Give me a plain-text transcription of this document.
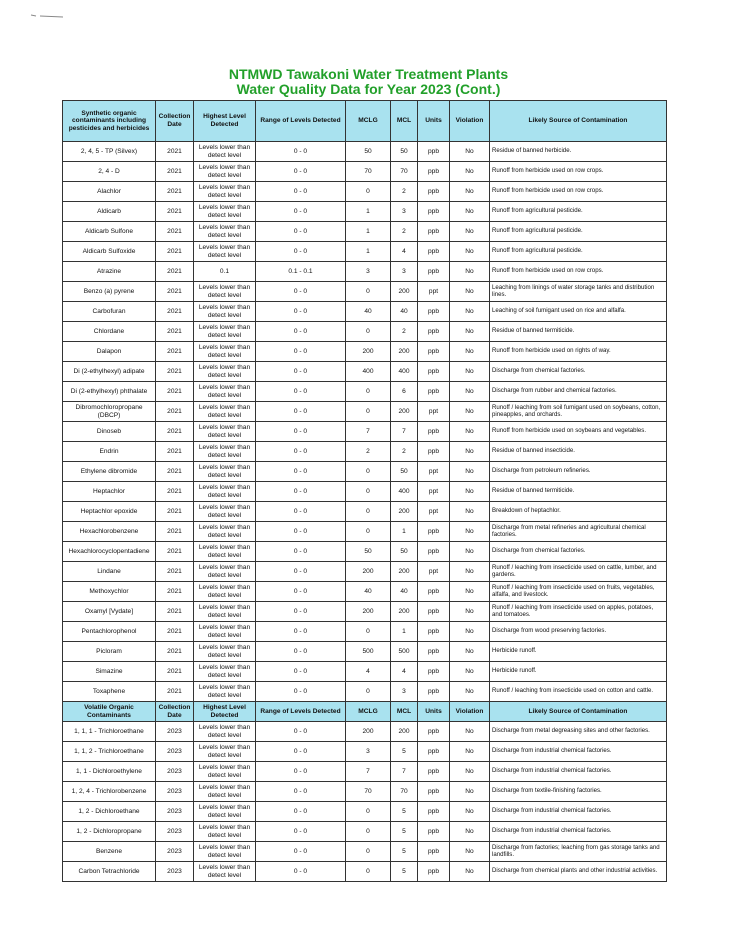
NTMWD Tawakoni Water Treatment Plants
Water Quality Data for Year 2023 (Cont.)
Synthetic organic contaminants including pesticides and herbicides	Collection Date	Highest Level Detected	Range of Levels Detected	MCLG	MCL	Units	Violation	Likely Source of Contamination
2, 4, 5 - TP (Silvex)	2021	Levels lower than detect level	0 - 0	50	50	ppb	No	Residue of banned herbicide.
2, 4 - D	2021	Levels lower than detect level	0 - 0	70	70	ppb	No	Runoff from herbicide used on row crops.
Alachlor	2021	Levels lower than detect level	0 - 0	0	2	ppb	No	Runoff from herbicide used on row crops.
Aldicarb	2021	Levels lower than detect level	0 - 0	1	3	ppb	No	Runoff from agricultural pesticide.
Aldicarb Sulfone	2021	Levels lower than detect level	0 - 0	1	2	ppb	No	Runoff from agricultural pesticide.
Aldicarb Sulfoxide	2021	Levels lower than detect level	0 - 0	1	4	ppb	No	Runoff from agricultural pesticide.
Atrazine	2021	0.1	0.1 - 0.1	3	3	ppb	No	Runoff from herbicide used on row crops.
Benzo (a) pyrene	2021	Levels lower than detect level	0 - 0	0	200	ppt	No	Leaching from linings of water storage tanks and distribution lines.
Carbofuran	2021	Levels lower than detect level	0 - 0	40	40	ppb	No	Leaching of soil fumigant used on rice and alfalfa.
Chlordane	2021	Levels lower than detect level	0 - 0	0	2	ppb	No	Residue of banned termiticide.
Dalapon	2021	Levels lower than detect level	0 - 0	200	200	ppb	No	Runoff from herbicide used on rights of way.
Di (2-ethylhexyl) adipate	2021	Levels lower than detect level	0 - 0	400	400	ppb	No	Discharge from chemical factories.
Di (2-ethylhexyl) phthalate	2021	Levels lower than detect level	0 - 0	0	6	ppb	No	Discharge from rubber and chemical factories.
Dibromochloropropane (DBCP)	2021	Levels lower than detect level	0 - 0	0	200	ppt	No	Runoff / leaching from soil fumigant used on soybeans, cotton, pineapples, and orchards.
Dinoseb	2021	Levels lower than detect level	0 - 0	7	7	ppb	No	Runoff from herbicide used on soybeans and vegetables.
Endrin	2021	Levels lower than detect level	0 - 0	2	2	ppb	No	Residue of banned insecticide.
Ethylene dibromide	2021	Levels lower than detect level	0 - 0	0	50	ppt	No	Discharge from petroleum refineries.
Heptachlor	2021	Levels lower than detect level	0 - 0	0	400	ppt	No	Residue of banned termiticide.
Heptachlor epoxide	2021	Levels lower than detect level	0 - 0	0	200	ppt	No	Breakdown of heptachlor.
Hexachlorobenzene	2021	Levels lower than detect level	0 - 0	0	1	ppb	No	Discharge from metal refineries and agricultural chemical factories.
Hexachlorocyclopentadiene	2021	Levels lower than detect level	0 - 0	50	50	ppb	No	Discharge from chemical factories.
Lindane	2021	Levels lower than detect level	0 - 0	200	200	ppt	No	Runoff / leaching from insecticide used on cattle, lumber, and gardens.
Methoxychlor	2021	Levels lower than detect level	0 - 0	40	40	ppb	No	Runoff / leaching from insecticide used on fruits, vegetables, alfalfa, and livestock.
Oxamyl [Vydate]	2021	Levels lower than detect level	0 - 0	200	200	ppb	No	Runoff / leaching from insecticide used on apples, potatoes, and tomatoes.
Pentachlorophenol	2021	Levels lower than detect level	0 - 0	0	1	ppb	No	Discharge from wood preserving factories.
Picloram	2021	Levels lower than detect level	0 - 0	500	500	ppb	No	Herbicide runoff.
Simazine	2021	Levels lower than detect level	0 - 0	4	4	ppb	No	Herbicide runoff.
Toxaphene	2021	Levels lower than detect level	0 - 0	0	3	ppb	No	Runoff / leaching from insecticide used on cotton and cattle.
Volatile Organic Contaminants	Collection Date	Highest Level Detected	Range of Levels Detected	MCLG	MCL	Units	Violation	Likely Source of Contamination
1, 1, 1 - Trichloroethane	2023	Levels lower than detect level	0 - 0	200	200	ppb	No	Discharge from metal degreasing sites and other factories.
1, 1, 2 - Trichloroethane	2023	Levels lower than detect level	0 - 0	3	5	ppb	No	Discharge from industrial chemical factories.
1, 1 - Dichloroethylene	2023	Levels lower than detect level	0 - 0	7	7	ppb	No	Discharge from industrial chemical factories.
1, 2, 4 - Trichlorobenzene	2023	Levels lower than detect level	0 - 0	70	70	ppb	No	Discharge from textile-finishing factories.
1, 2 - Dichloroethane	2023	Levels lower than detect level	0 - 0	0	5	ppb	No	Discharge from industrial chemical factories.
1, 2 - Dichloropropane	2023	Levels lower than detect level	0 - 0	0	5	ppb	No	Discharge from industrial chemical factories.
Benzene	2023	Levels lower than detect level	0 - 0	0	5	ppb	No	Discharge from factories; leaching from gas storage tanks and landfills.
Carbon Tetrachloride	2023	Levels lower than detect level	0 - 0	0	5	ppb	No	Discharge from chemical plants and other industrial activities.
